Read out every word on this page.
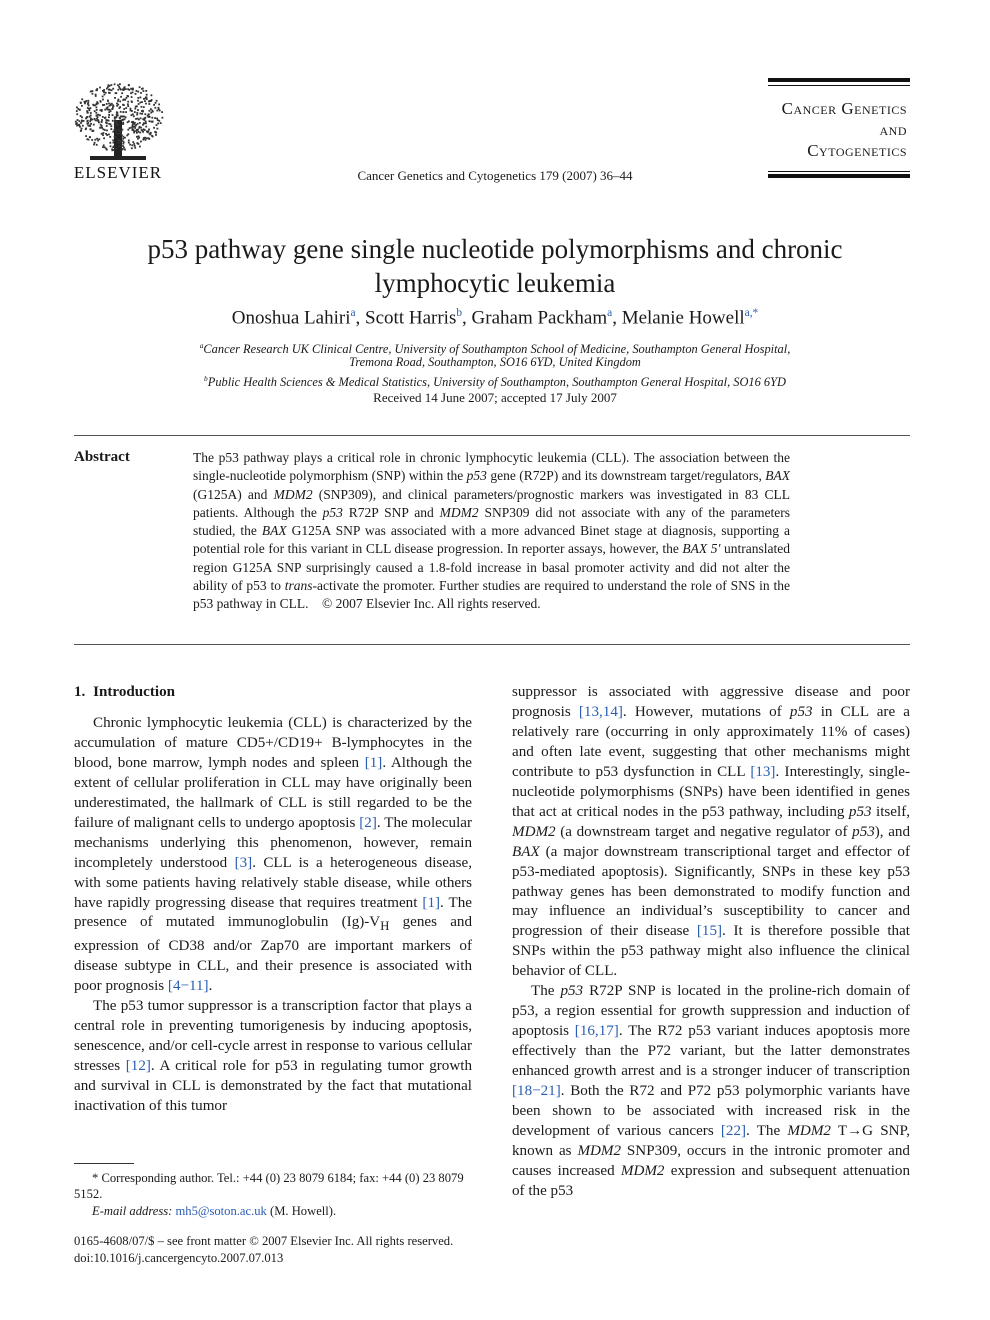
ELSEVIER	Cancer Genetics and Cytogenetics 179 (2007) 36–44
Cancer Genetics
and
Cytogenetics
p53 pathway gene single nucleotide polymorphisms and chronic lymphocytic leukemia
Onoshua Lahiri$^a$, Scott Harris$^b$, Graham Packham$^a$, Melanie Howell$^{a,*}$
$^a$Cancer Research UK Clinical Centre, University of Southampton School of Medicine, Southampton General Hospital,
Tremona Road, Southampton, SO16 6YD, United Kingdom
$^b$Public Health Sciences & Medical Statistics, University of Southampton, Southampton General Hospital, SO16 6YD
Received 14 June 2007; accepted 17 July 2007
Abstract	The p53 pathway plays a critical role in chronic lymphocytic leukemia (CLL). The association between the single-nucleotide polymorphism (SNP) within the p53 gene (R72P) and its downstream target/regulators, BAX (G125A) and MDM2 (SNP309), and clinical parameters/prognostic markers was investigated in 83 CLL patients. Although the p53 R72P SNP and MDM2 SNP309 did not associate with any of the parameters studied, the BAX G125A SNP was associated with a more advanced Binet stage at diagnosis, supporting a potential role for this variant in CLL disease progression. In reporter assays, however, the BAX 5′ untranslated region G125A SNP surprisingly caused a 1.8-fold increase in basal promoter activity and did not alter the ability of p53 to trans-activate the promoter. Further studies are required to understand the role of SNS in the p53 pathway in CLL. © 2007 Elsevier Inc. All rights reserved.
1. Introduction

Chronic lymphocytic leukemia (CLL) is characterized by the accumulation of mature CD5+/CD19+ B-lymphocytes in the blood, bone marrow, lymph nodes and spleen [1]. Although the extent of cellular proliferation in CLL may have originally been underestimated, the hallmark of CLL is still regarded to be the failure of malignant cells to undergo apoptosis [2]. The molecular mechanisms underlying this phenomenon, however, remain incompletely understood [3]. CLL is a heterogeneous disease, with some patients having relatively stable disease, while others have rapidly progressing disease that requires treatment [1]. The presence of mutated immunoglobulin $(Ig)-V_H$ genes and expression of CD38 and/or Zap70 are important markers of disease subtype in CLL, and their presence is associated with poor prognosis [4−11].

The p53 tumor suppressor is a transcription factor that plays a central role in preventing tumorigenesis by inducing apoptosis, senescence, and/or cell-cycle arrest in response to various cellular stresses [12]. A critical role for p53 in regulating tumor growth and survival in CLL is demonstrated by the fact that mutational inactivation of this tumor

suppressor is associated with aggressive disease and poor prognosis [13,14]. However, mutations of p53 in CLL are a relatively rare (occurring in only approximately 11% of cases) and often late event, suggesting that other mechanisms might contribute to p53 dysfunction in CLL [13]. Interestingly, single-nucleotide polymorphisms (SNPs) have been identified in genes that act at critical nodes in the p53 pathway, including p53 itself, MDM2 (a downstream target and negative regulator of p53), and BAX (a major downstream transcriptional target and effector of p53-mediated apoptosis). Significantly, SNPs in these key p53 pathway genes has been demonstrated to modify function and may influence an individual’s susceptibility to cancer and progression of their disease [15]. It is therefore possible that SNPs within the p53 pathway might also influence the clinical behavior of CLL.

The p53 R72P SNP is located in the proline-rich domain of p53, a region essential for growth suppression and induction of apoptosis [16,17]. The R72 p53 variant induces apoptosis more effectively than the P72 variant, but the latter demonstrates enhanced growth arrest and is a stronger inducer of transcription [18−21]. Both the R72 and P72 p53 polymorphic variants have been shown to be associated with increased risk in the development of various cancers [22]. The MDM2 T→G SNP, known as MDM2 SNP309, occurs in the intronic promoter and causes increased MDM2 expression and subsequent attenuation of the p53

* Corresponding author. Tel.: +44 (0) 23 8079 6184; fax: +44 (0) 23 8079 5152.

E-mail address: mh5@soton.ac.uk (M. Howell).

0165-4608/07/$ – see front matter © 2007 Elsevier Inc. All rights reserved.

doi:10.1016/j.cancergencyto.2007.07.013
